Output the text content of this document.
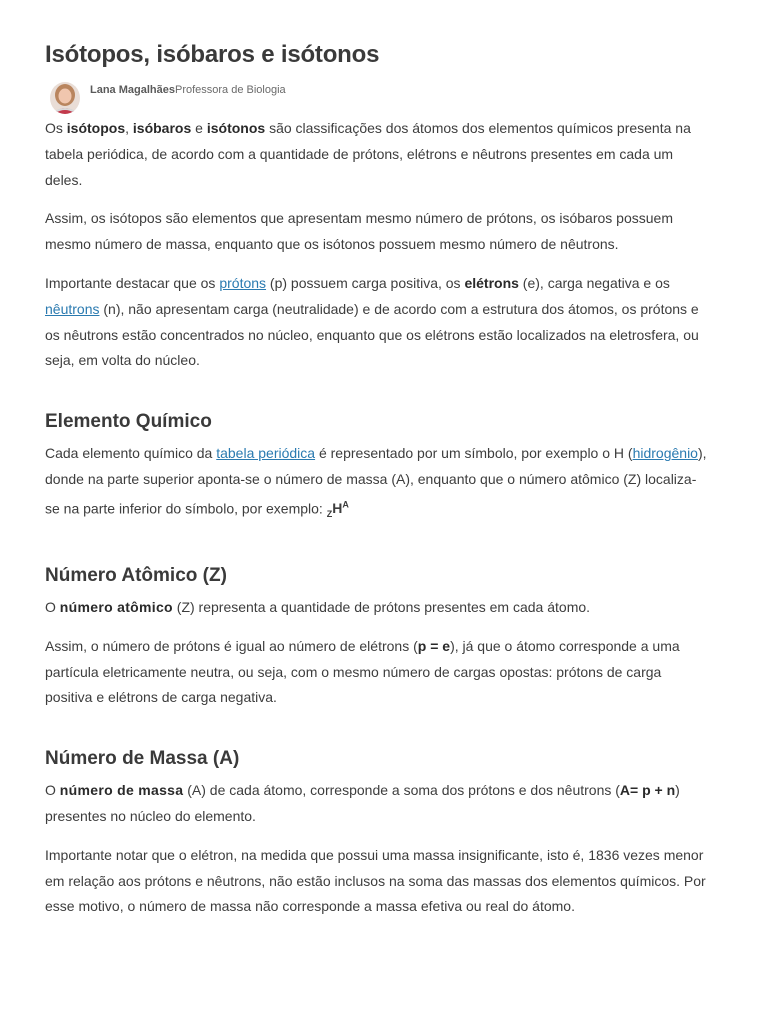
Isótopos, isóbaros e isótonos
Lana MagalhãesProfessora de Biologia

Os isótopos, isóbaros e isótonos são classificações dos átomos dos elementos químicos presenta na tabela periódica, de acordo com a quantidade de prótons, elétrons e nêutrons presentes em cada um deles.

Assim, os isótopos são elementos que apresentam mesmo número de prótons, os isóbaros possuem mesmo número de massa, enquanto que os isótonos possuem mesmo número de nêutrons.

Importante destacar que os prótons (p) possuem carga positiva, os elétrons (e), carga negativa e os nêutrons (n), não apresentam carga (neutralidade) e de acordo com a estrutura dos átomos, os prótons e os nêutrons estão concentrados no núcleo, enquanto que os elétrons estão localizados na eletrosfera, ou seja, em volta do núcleo.

Elemento Químico

Cada elemento químico da tabela periódica é representado por um símbolo, por exemplo o H (hidrogênio), donde na parte superior aponta-se o número de massa (A), enquanto que o número atômico (Z) localiza-se na parte inferior do símbolo, por exemplo: $_ZH^A$

Número Atômico (Z)

O número atômico (Z) representa a quantidade de prótons presentes em cada átomo.

Assim, o número de prótons é igual ao número de elétrons (p = e), já que o átomo corresponde a uma partícula eletricamente neutra, ou seja, com o mesmo número de cargas opostas: prótons de carga positiva e elétrons de carga negativa.

Número de Massa (A)

O número de massa (A) de cada átomo, corresponde a soma dos prótons e dos nêutrons (A= p + n) presentes no núcleo do elemento.

Importante notar que o elétron, na medida que possui uma massa insignificante, isto é, 1836 vezes menor em relação aos prótons e nêutrons, não estão inclusos na soma das massas dos elementos químicos. Por esse motivo, o número de massa não corresponde a massa efetiva ou real do átomo.
